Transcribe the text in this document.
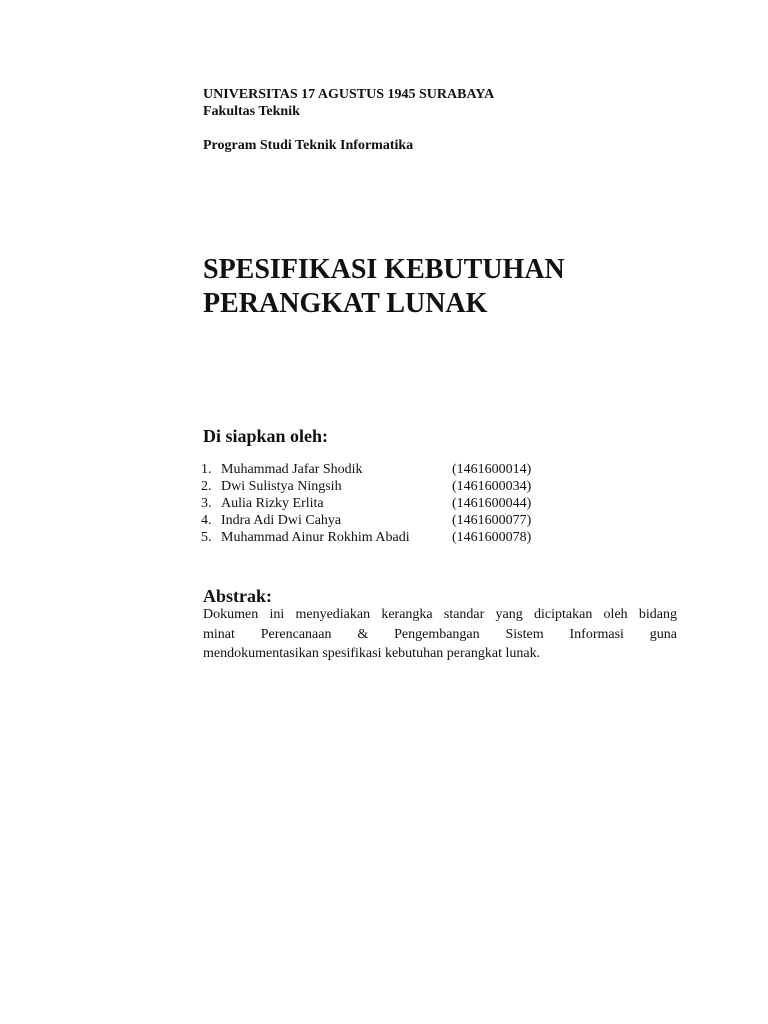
UNIVERSITAS 17 AGUSTUS 1945 SURABAYA
Fakultas Teknik
Program Studi Teknik Informatika
SPESIFIKASI KEBUTUHAN
PERANGKAT LUNAK
Di siapkan oleh:
1. Muhammad Jafar Shodik	(1461600014)
2. Dwi Sulistya Ningsih	(1461600034)
3. Aulia Rizky Erlita	(1461600044)
4. Indra Adi Dwi Cahya	(1461600077)
5. Muhammad Ainur Rokhim Abadi	(1461600078)
Abstrak:

Dokumen ini menyediakan kerangka standar yang diciptakan oleh bidang
minat Perencanaan & Pengembangan Sistem Informasi guna
mendokumentasikan spesifikasi kebutuhan perangkat lunak.
